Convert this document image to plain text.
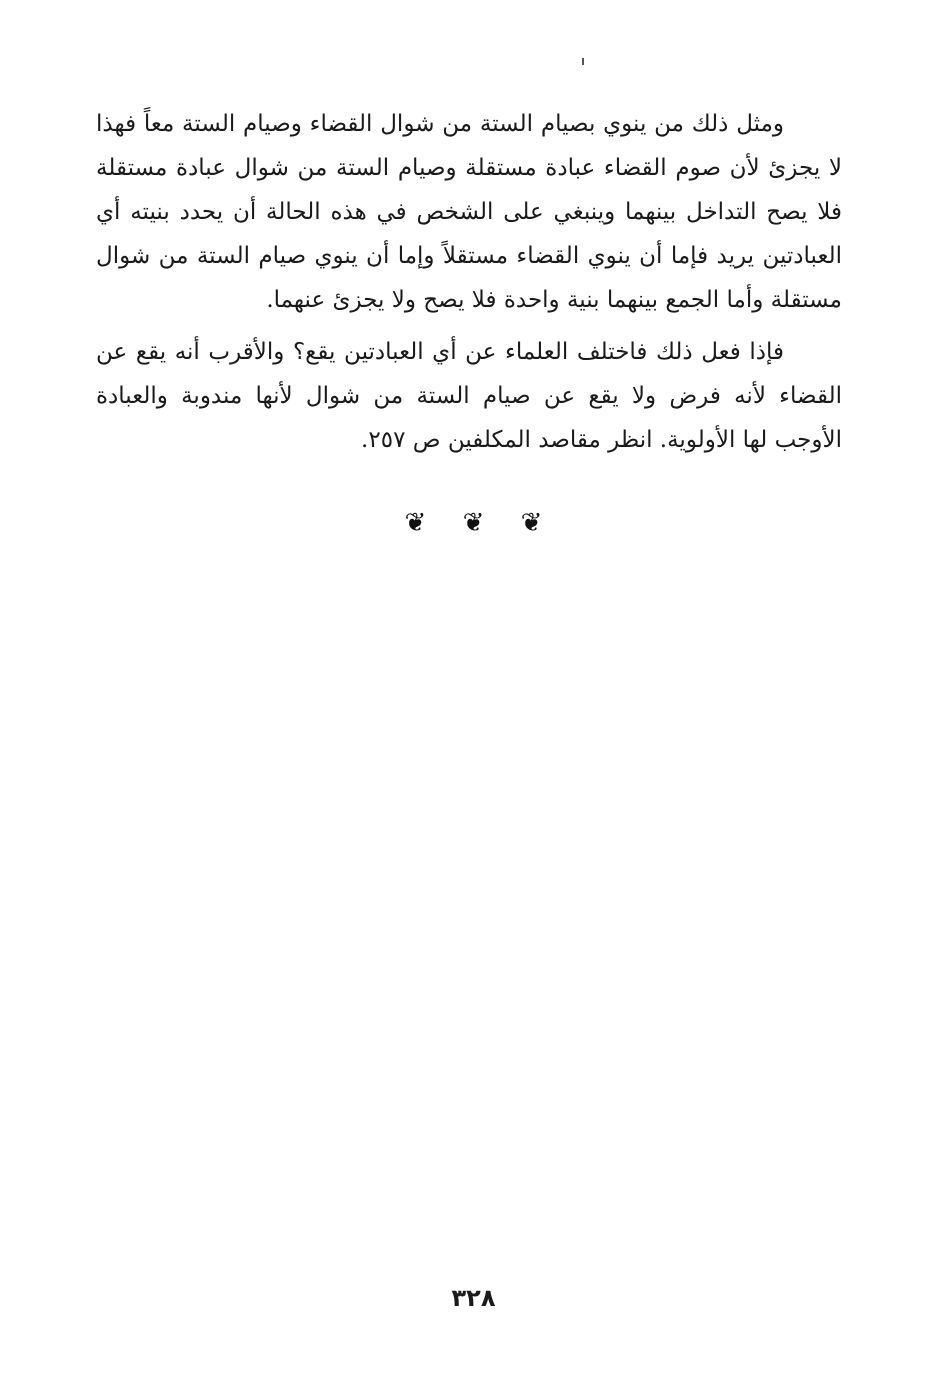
ومثل ذلك من ينوي بصيام الستة من شوال القضاء وصيام الستة معاً فهذا لا يجزئ لأن صوم القضاء عبادة مستقلة وصيام الستة من شوال عبادة مستقلة فلا يصح التداخل بينهما وينبغي على الشخص في هذه الحالة أن يحدد بنيته أي العبادتين يريد فإما أن ينوي القضاء مستقلاً وإما أن ينوي صيام الستة من شوال مستقلة وأما الجمع بينهما بنية واحدة فلا يصح ولا يجزئ عنهما.

فإذا فعل ذلك فاختلف العلماء عن أي العبادتين يقع؟ والأقرب أنه يقع عن القضاء لأنه فرض ولا يقع عن صيام الستة من شوال لأنها مندوبة والعبادة الأوجب لها الأولوية. انظر مقاصد المكلفين ص ٢٥٧.

❦ ❦ ❦
٣٢٨
